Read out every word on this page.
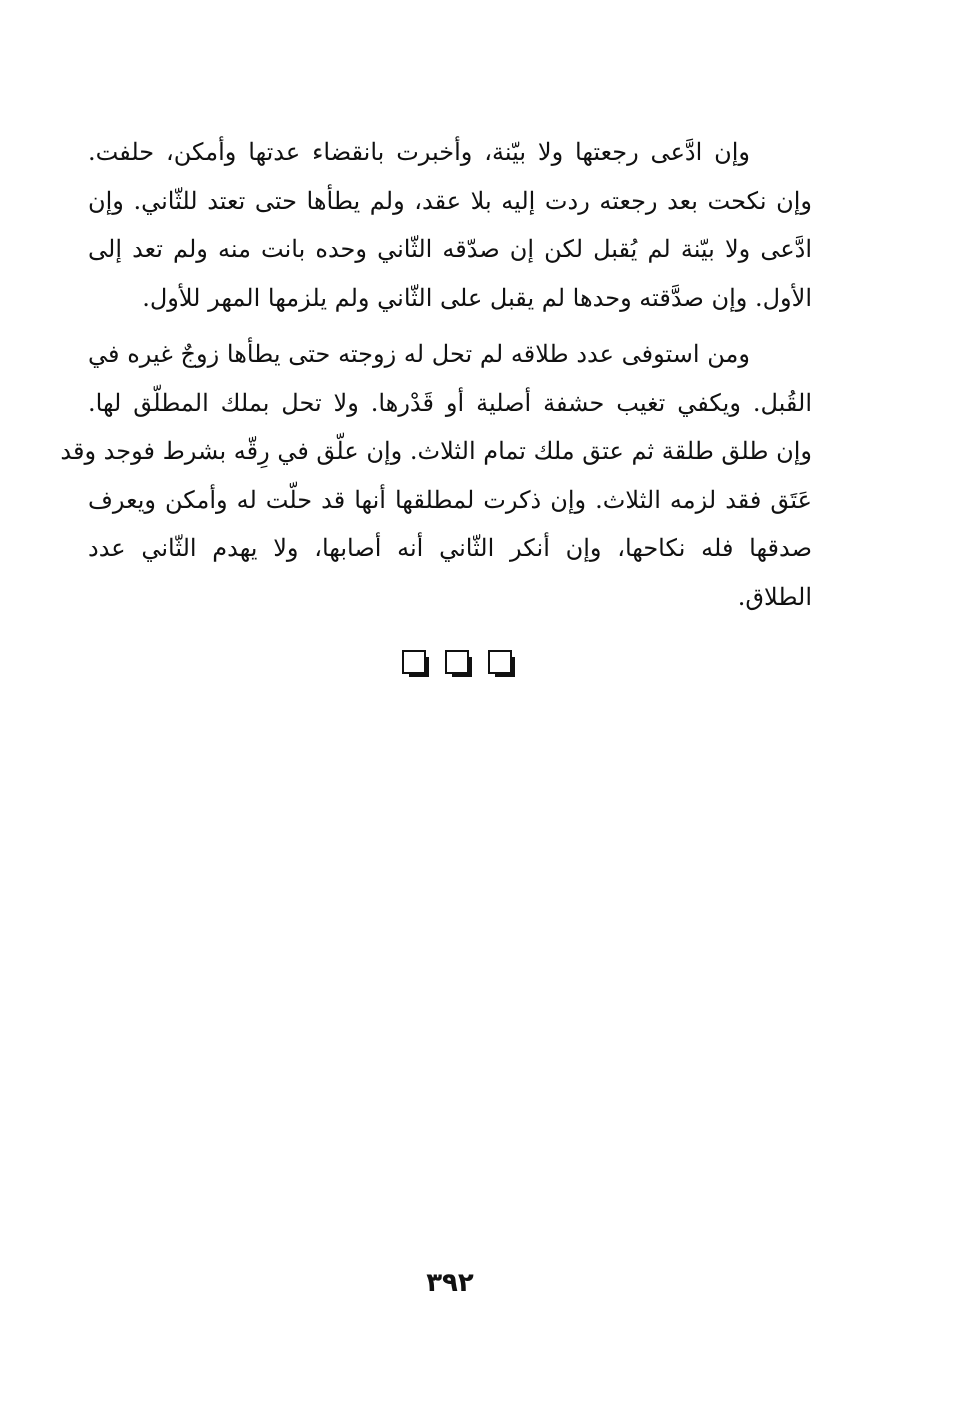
وإن ادَّعى رجعتها ولا بيّنة، وأخبرت بانقضاء عدتها وأمكن، حلفت.
وإن نكحت بعد رجعته ردت إليه بلا عقد، ولم يطأها حتى تعتد للثّاني. وإن
ادَّعى ولا بيّنة لم يُقبل لكن إن صدّقه الثّاني وحده بانت منه ولم تعد إلى
الأول. وإن صدَّقته وحدها لم يقبل على الثّاني ولم يلزمها المهر للأول.
ومن استوفى عدد طلاقه لم تحل له زوجته حتى يطأها زوجٌ غيره في
القُبل. ويكفي تغيب حشفة أصلية أو قَدْرها. ولا تحل بملك المطلّق لها.
وإن طلق طلقة ثم عتق ملك تمام الثلاث. وإن علّق في رِقّه بشرط فوجد وقد
عَتَق فقد لزمه الثلاث. وإن ذكرت لمطلقها أنها قد حلّت له وأمكن ويعرف
صدقها فله نكاحها، وإن أنكر الثّاني أنه أصابها، ولا يهدم الثّاني عدد
الطلاق.
٣٩٢
